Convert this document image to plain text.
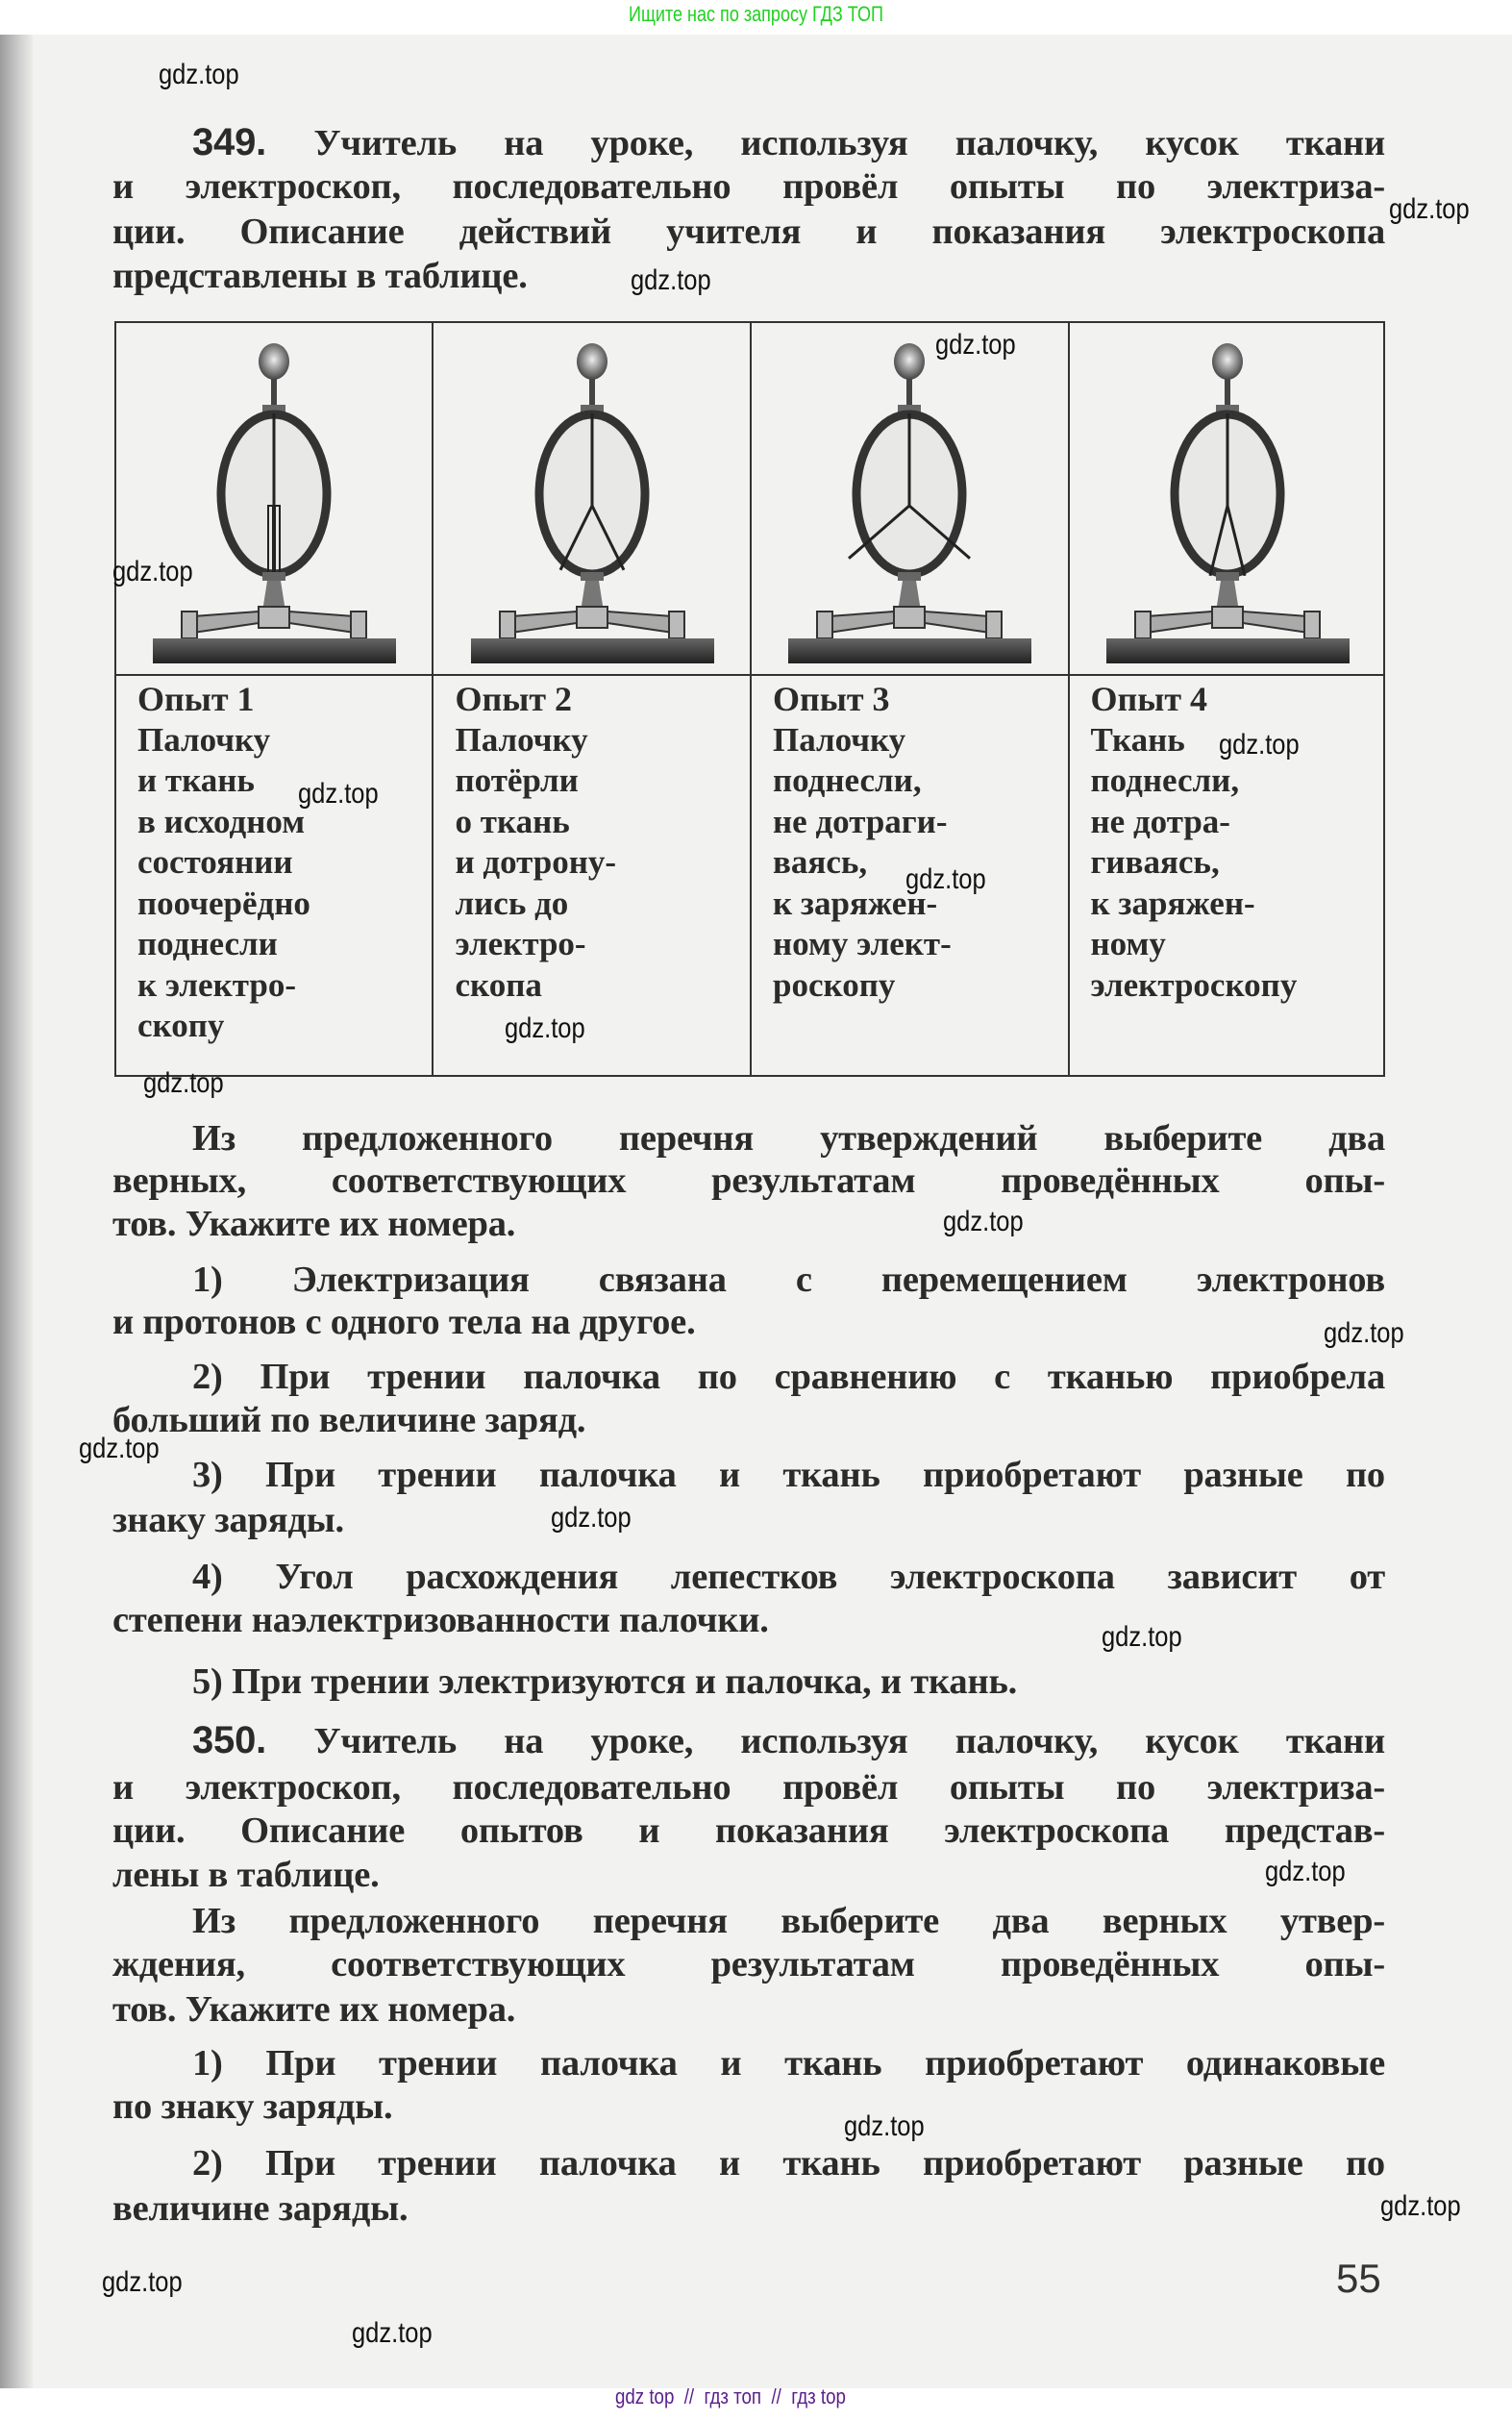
Ищите нас по запросу ГДЗ ТОП
349. Учитель на уроке, используя палочку, кусок ткани
и электроскоп, последовательно провёл опыты по электриза-
ции. Описание действий учителя и показания электроскопа
представлены в таблице.
Из предложенного перечня утверждений выберите два
верных, соответствующих результатам проведённых опы-
тов. Укажите их номера.
1) Электризация связана с перемещением электронов
и протонов с одного тела на другое.
2) При трении палочка по сравнению с тканью приобрела
больший по величине заряд.
3) При трении палочка и ткань приобретают разные по
знаку заряды.
4) Угол расхождения лепестков электроскопа зависит от
степени наэлектризованности палочки.
5) При трении электризуются и палочка, и ткань.
350. Учитель на уроке, используя палочку, кусок ткани
и электроскоп, последовательно провёл опыты по электриза-
ции. Описание опытов и показания электроскопа представ-
лены в таблице.
Из предложенного перечня выберите два верных утвер-
ждения, соответствующих результатам проведённых опы-
тов. Укажите их номера.
1) При трении палочка и ткань приобретают одинаковые
по знаку заряды.
2) При трении палочка и ткань приобретают разные по
величине заряды.
Опыт 1
Палочку
и ткань
в исходном
состоянии
поочерёдно
поднесли
к электро-
скопу
Опыт 2
Палочку
потёрли
о ткань
и дотрону-
лись до
электро-
скопа
Опыт 3
Палочку
поднесли,
не дотраги-
ваясь,
к заряжен-
ному элект-
роскопу
Опыт 4
Ткань
поднесли,
не дотра-
гиваясь,
к заряжен-
ному
электроскопу
gdz.top
gdz.top
gdz.top
gdz.top
gdz.top
gdz.top
gdz.top
gdz.top
gdz.top
gdz.top
gdz.top
gdz.top
gdz.top
gdz.top
gdz.top
gdz.top
gdz.top
gdz.top
gdz.top
gdz.top
55
gdz top  //  гдз топ  //  гдз top
